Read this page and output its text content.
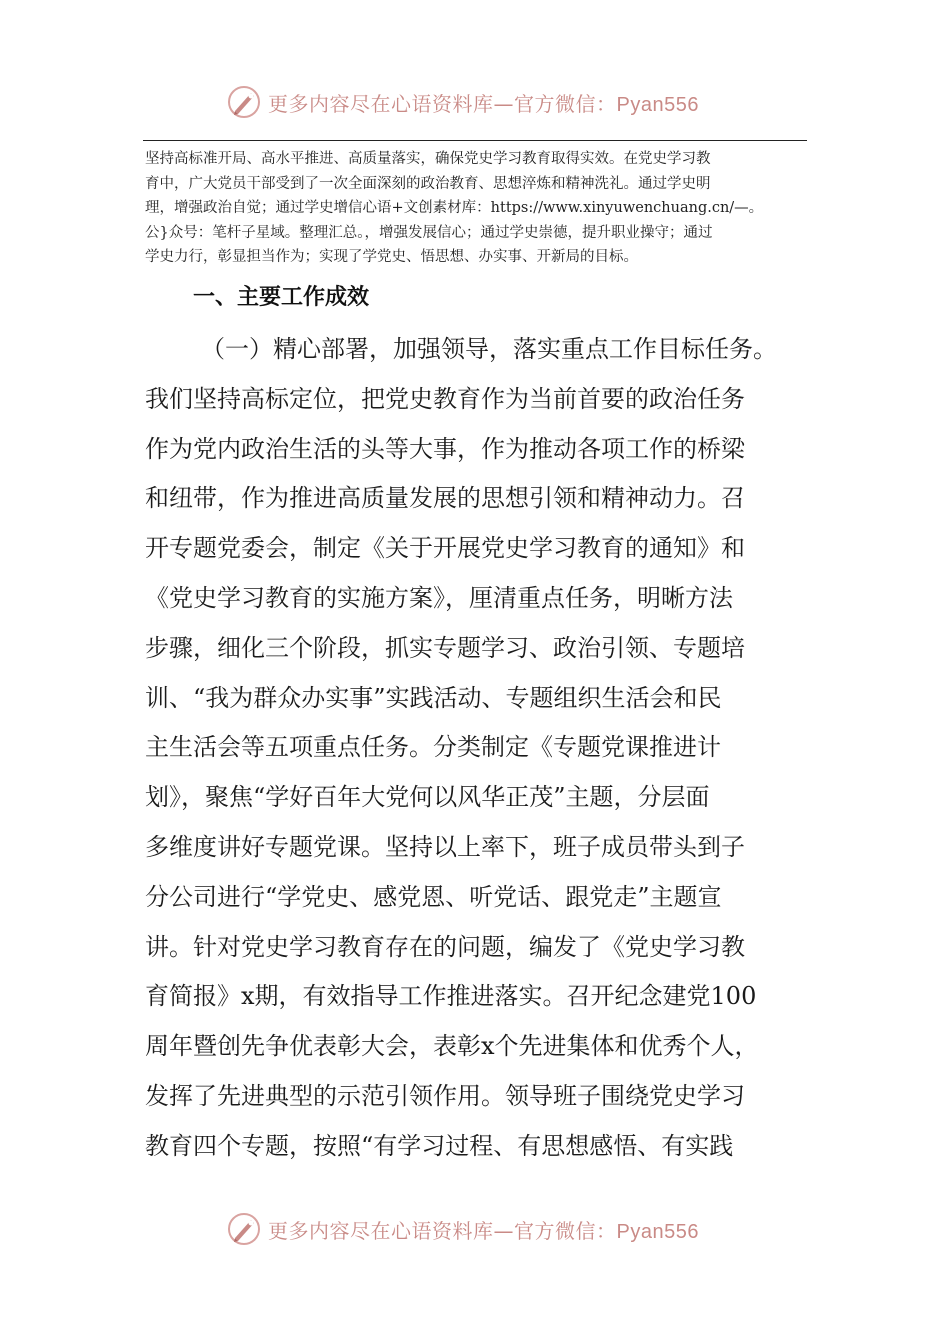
更多内容尽在心语资料库—官方微信：Pyan556
坚持高标准开局、高水平推进、高质量落实，确保党史学习教育取得实效。在党史学习教
育中，广大党员干部受到了一次全面深刻的政治教育、思想淬炼和精神洗礼。通过学史明
理，增强政治自觉；通过学史增信心语+文创素材库：https://www.xinyuwenchuang.cn/—。
公}众号：笔杆子星域。整理汇总。，增强发展信心；通过学史崇德，提升职业操守；通过
学史力行，彰显担当作为；实现了学党史、悟思想、办实事、开新局的目标。
一、主要工作成效
（一）精心部署，加强领导，落实重点工作目标任务。
我们坚持高标定位，把党史教育作为当前首要的政治任务
作为党内政治生活的头等大事，作为推动各项工作的桥梁
和纽带，作为推进高质量发展的思想引领和精神动力。召
开专题党委会，制定《关于开展党史学习教育的通知》和
《党史学习教育的实施方案》，厘清重点任务，明晰方法
步骤，细化三个阶段，抓实专题学习、政治引领、专题培
训、“我为群众办实事”实践活动、专题组织生活会和民
主生活会等五项重点任务。分类制定《专题党课推进计
划》，聚焦“学好百年大党何以风华正茂”主题，分层面
多维度讲好专题党课。坚持以上率下，班子成员带头到子
分公司进行“学党史、感党恩、听党话、跟党走”主题宣
讲。针对党史学习教育存在的问题，编发了《党史学习教
育简报》x期，有效指导工作推进落实。召开纪念建党100
周年暨创先争优表彰大会，表彰x个先进集体和优秀个人，
发挥了先进典型的示范引领作用。领导班子围绕党史学习
教育四个专题，按照“有学习过程、有思想感悟、有实践
更多内容尽在心语资料库—官方微信：Pyan556
